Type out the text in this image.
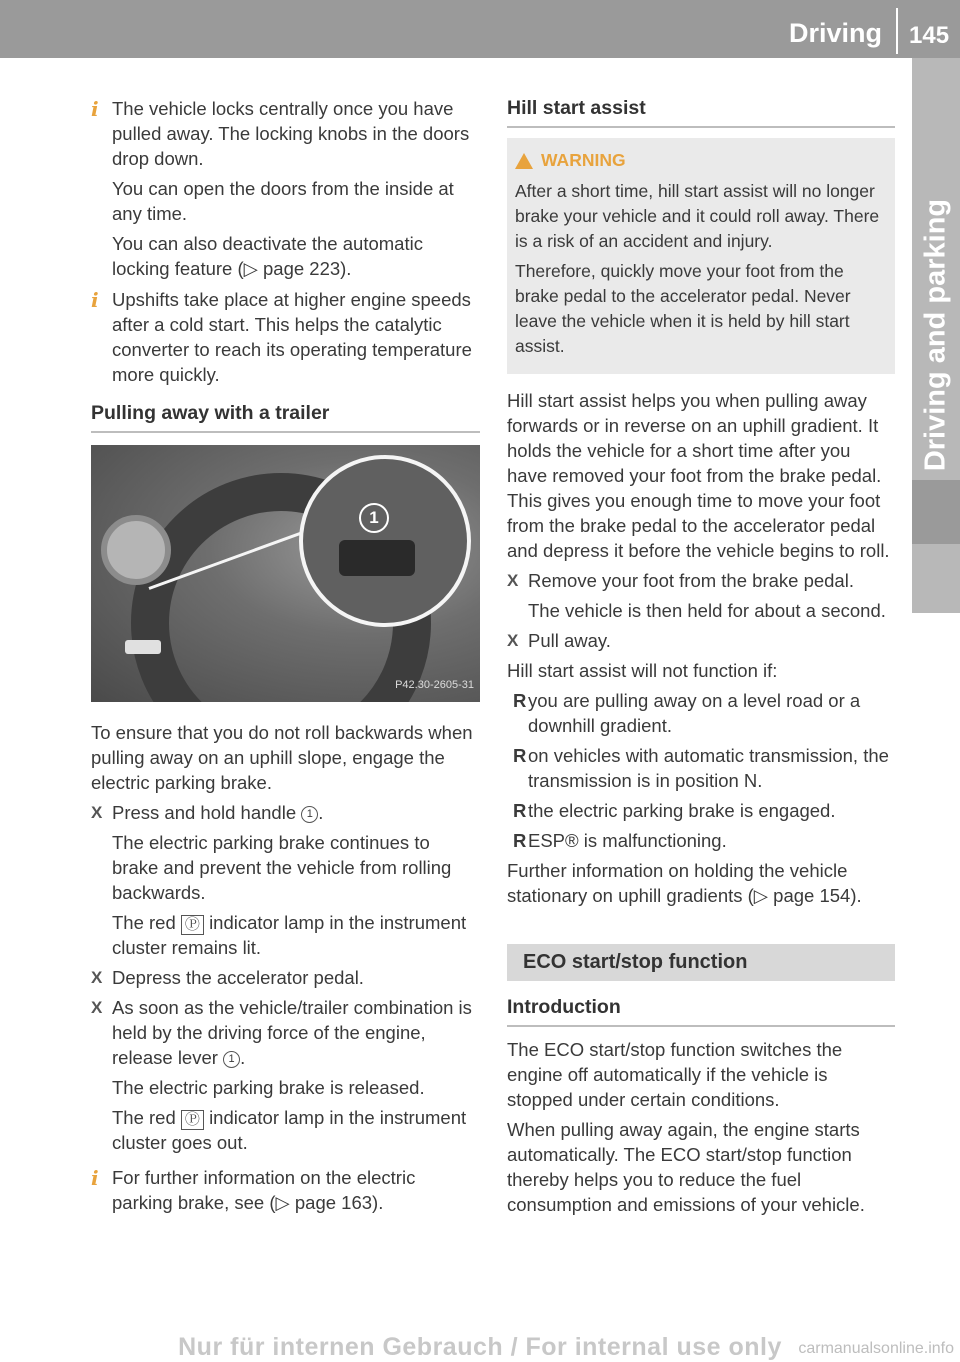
Driving 145
Driving and parking
i The vehicle locks centrally once you have pulled away. The locking knobs in the doors drop down.

You can open the doors from the inside at any time.

You can also deactivate the automatic locking feature (▷ page 223).

i Upshifts take place at higher engine speeds after a cold start. This helps the catalytic converter to reach its operating temperature more quickly.

Pulling away with a trailer
1
P42.30-2605-31

To ensure that you do not roll backwards when pulling away on an uphill slope, engage the electric parking brake.

X Press and hold handle 1 .

The electric parking brake continues to brake and prevent the vehicle from rolling backwards.

The red Ⓟ indicator lamp in the instrument cluster remains lit.

X Depress the accelerator pedal.

X As soon as the vehicle/trailer combination is held by the driving force of the engine, release lever 1 .

The electric parking brake is released.

The red Ⓟ indicator lamp in the instrument cluster goes out.

i For further information on the electric parking brake, see (▷ page 163).

Hill start assist
WARNING

After a short time, hill start assist will no longer brake your vehicle and it could roll away. There is a risk of an accident and injury.

Therefore, quickly move your foot from the brake pedal to the accelerator pedal. Never leave the vehicle when it is held by hill start assist.

Hill start assist helps you when pulling away forwards or in reverse on an uphill gradient. It holds the vehicle for a short time after you have removed your foot from the brake pedal. This gives you enough time to move your foot from the brake pedal to the accelerator pedal and depress it before the vehicle begins to roll.

X Remove your foot from the brake pedal.

The vehicle is then held for about a second.

X Pull away.

Hill start assist will not function if:

R you are pulling away on a level road or a downhill gradient.

R on vehicles with automatic transmission, the transmission is in position N.

R the electric parking brake is engaged.

R ESP® is malfunctioning.

Further information on holding the vehicle stationary on uphill gradients (▷ page 154).

ECO start/stop function
Introduction

The ECO start/stop function switches the engine off automatically if the vehicle is stopped under certain conditions.

When pulling away again, the engine starts automatically. The ECO start/stop function thereby helps you to reduce the fuel consumption and emissions of your vehicle.

Nur für internen Gebrauch / For internal use only	carmanualsonline.info
